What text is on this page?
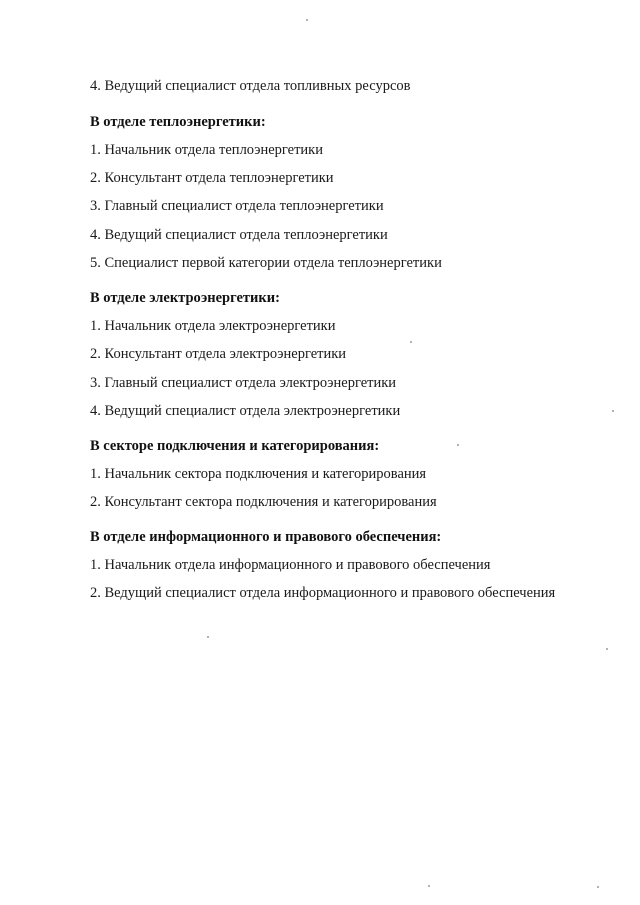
4. Ведущий специалист отдела топливных ресурсов
В отделе теплоэнергетики:
1. Начальник отдела теплоэнергетики
2. Консультант отдела теплоэнергетики
3. Главный специалист отдела теплоэнергетики
4. Ведущий специалист отдела теплоэнергетики
5. Специалист первой категории отдела теплоэнергетики
В отделе электроэнергетики:
1. Начальник отдела электроэнергетики
2. Консультант отдела электроэнергетики
3. Главный специалист отдела электроэнергетики
4. Ведущий специалист отдела электроэнергетики
В секторе подключения и категорирования:
1. Начальник сектора подключения и категорирования
2. Консультант сектора подключения и категорирования
В отделе информационного и правового обеспечения:
1. Начальник отдела информационного и правового обеспечения
2. Ведущий специалист отдела информационного и правового обеспечения
